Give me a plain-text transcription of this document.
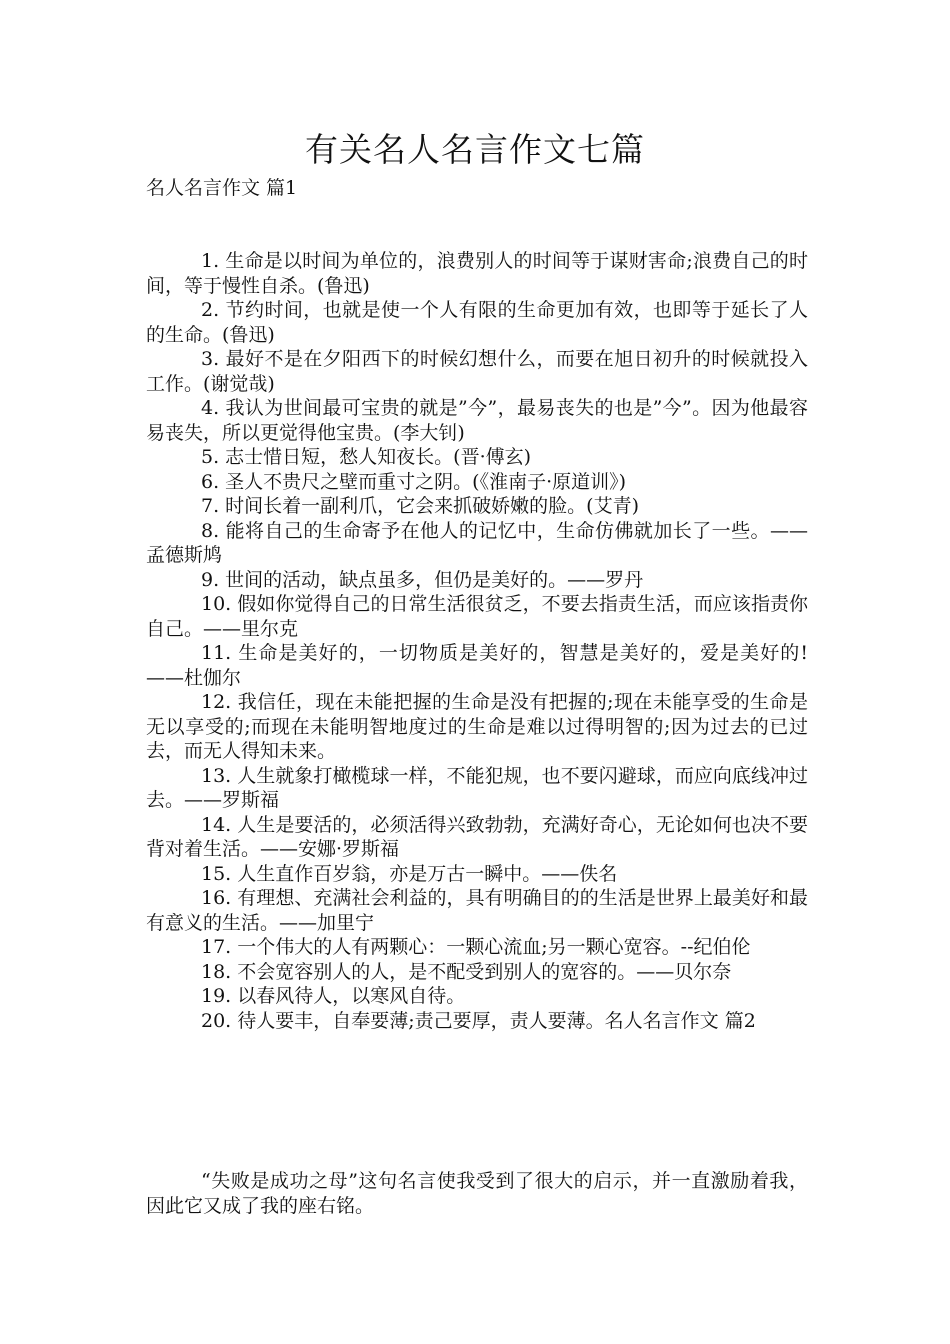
有关名人名言作文七篇
名人名言作文 篇1

1. 生命是以时间为单位的，浪费别人的时间等于谋财害命;浪费自己的时间，等于慢性自杀。(鲁迅)

2. 节约时间，也就是使一个人有限的生命更加有效，也即等于延长了人的生命。(鲁迅)

3. 最好不是在夕阳西下的时候幻想什么，而要在旭日初升的时候就投入工作。(谢觉哉)

4. 我认为世间最可宝贵的就是”今”，最易丧失的也是”今”。因为他最容易丧失，所以更觉得他宝贵。(李大钊)

5. 志士惜日短，愁人知夜长。(晋·傅玄)

6. 圣人不贵尺之壁而重寸之阴。(《淮南子·原道训》)

7. 时间长着一副利爪，它会来抓破娇嫩的脸。(艾青)

8. 能将自己的生命寄予在他人的记忆中，生命仿佛就加长了一些。——孟德斯鸠

9. 世间的活动，缺点虽多，但仍是美好的。——罗丹

10. 假如你觉得自己的日常生活很贫乏，不要去指责生活，而应该指责你自己。——里尔克

11. 生命是美好的，一切物质是美好的，智慧是美好的，爱是美好的!——杜伽尔

12. 我信任，现在未能把握的生命是没有把握的;现在未能享受的生命是无以享受的;而现在未能明智地度过的生命是难以过得明智的;因为过去的已过去，而无人得知未来。

13. 人生就象打橄榄球一样，不能犯规，也不要闪避球，而应向底线冲过去。——罗斯福

14. 人生是要活的，必须活得兴致勃勃，充满好奇心，无论如何也决不要背对着生活。——安娜·罗斯福

15. 人生直作百岁翁，亦是万古一瞬中。——佚名

16. 有理想、充满社会利益的，具有明确目的的生活是世界上最美好和最有意义的生活。——加里宁

17. 一个伟大的人有两颗心：一颗心流血;另一颗心宽容。--纪伯伦

18. 不会宽容别人的人，是不配受到别人的宽容的。——贝尔奈

19. 以春风待人，以寒风自待。

20. 待人要丰，自奉要薄;责己要厚，责人要薄。名人名言作文 篇2

“失败是成功之母”这句名言使我受到了很大的启示，并一直激励着我，因此它又成了我的座右铭。
